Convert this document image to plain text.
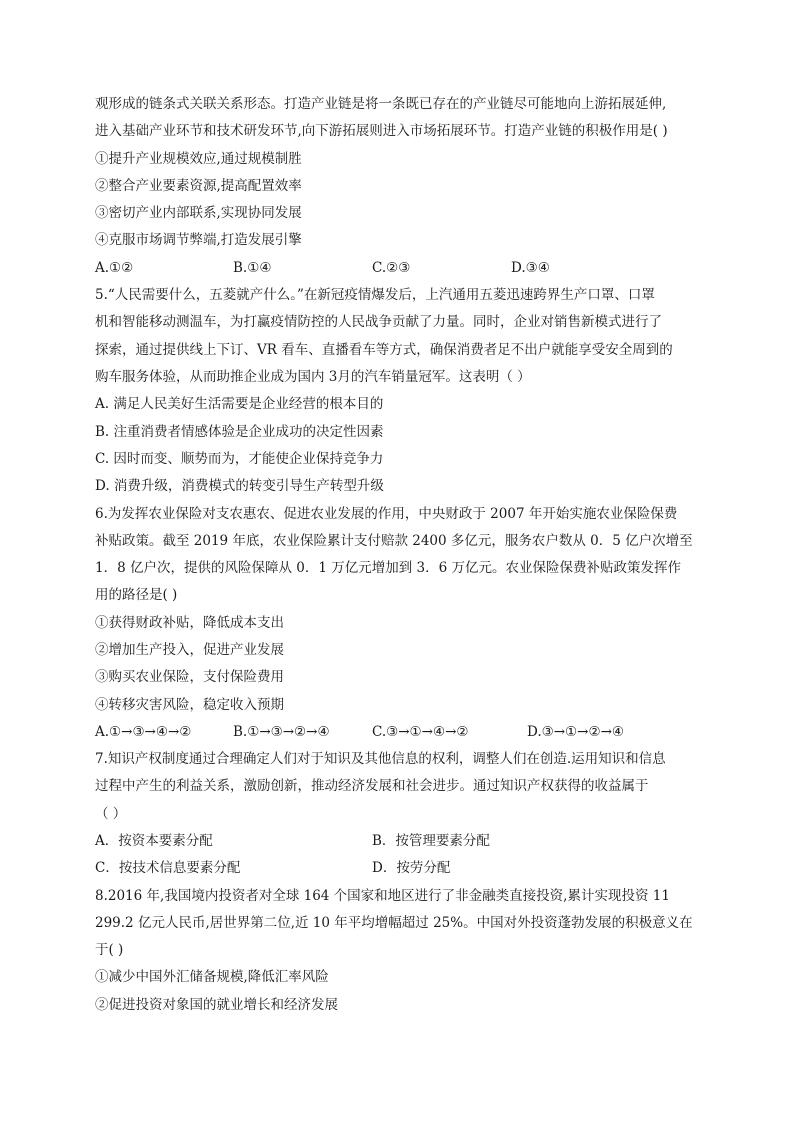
观形成的链条式关联关系形态。打造产业链是将一条既已存在的产业链尽可能地向上游拓展延伸,
进入基础产业环节和技术研发环节,向下游拓展则进入市场拓展环节。打造产业链的积极作用是( )
①提升产业规模效应,通过规模制胜
②整合产业要素资源,提高配置效率
③密切产业内部联系,实现协同发展
④克服市场调节弊端,打造发展引擎
A.①②	B.①④	C.②③	D.③④
5.“人民需要什么，五菱就产什么。”在新冠疫情爆发后，上汽通用五菱迅速跨界生产口罩、口罩
机和智能移动测温车，为打赢疫情防控的人民战争贡献了力量。同时，企业对销售新模式进行了
探索，通过提供线上下订、VR 看车、直播看车等方式，确保消费者足不出户就能享受安全周到的
购车服务体验，从而助推企业成为国内 3月的汽车销量冠军。这表明（ ）
A. 满足人民美好生活需要是企业经营的根本目的
B. 注重消费者情感体验是企业成功的决定性因素
C. 因时而变、顺势而为，才能使企业保持竞争力
D. 消费升级，消费模式的转变引导生产转型升级
6.为发挥农业保险对支农惠农、促进农业发展的作用，中央财政于 2007 年开始实施农业保险保费
补贴政策。截至 2019 年底，农业保险累计支付赔款 2400 多亿元，服务农户数从 0．5 亿户次增至
1．8 亿户次，提供的风险保障从 0．1 万亿元增加到 3．6 万亿元。农业保险保费补贴政策发挥作
用的路径是( )
①获得财政补贴，降低成本支出
②增加生产投入，促进产业发展
③购买农业保险，支付保险费用
④转移灾害风险，稳定收入预期
A.①→③→④→②	B.①→③→②→④	C.③→①→④→②	D.③→①→②→④
7.知识产权制度通过合理确定人们对于知识及其他信息的权利，调整人们在创造.运用知识和信息
过程中产生的利益关系，激励创新，推动经济发展和社会进步。通过知识产权获得的收益属于
（ ）
A．按资本要素分配	B．按管理要素分配
C．按技术信息要素分配	D．按劳分配
8.2016 年,我国境内投资者对全球 164 个国家和地区进行了非金融类直接投资,累计实现投资 11
299.2 亿元人民币,居世界第二位,近 10 年平均增幅超过 25%。中国对外投资蓬勃发展的积极意义在
于( )
①减少中国外汇储备规模,降低汇率风险
②促进投资对象国的就业增长和经济发展
